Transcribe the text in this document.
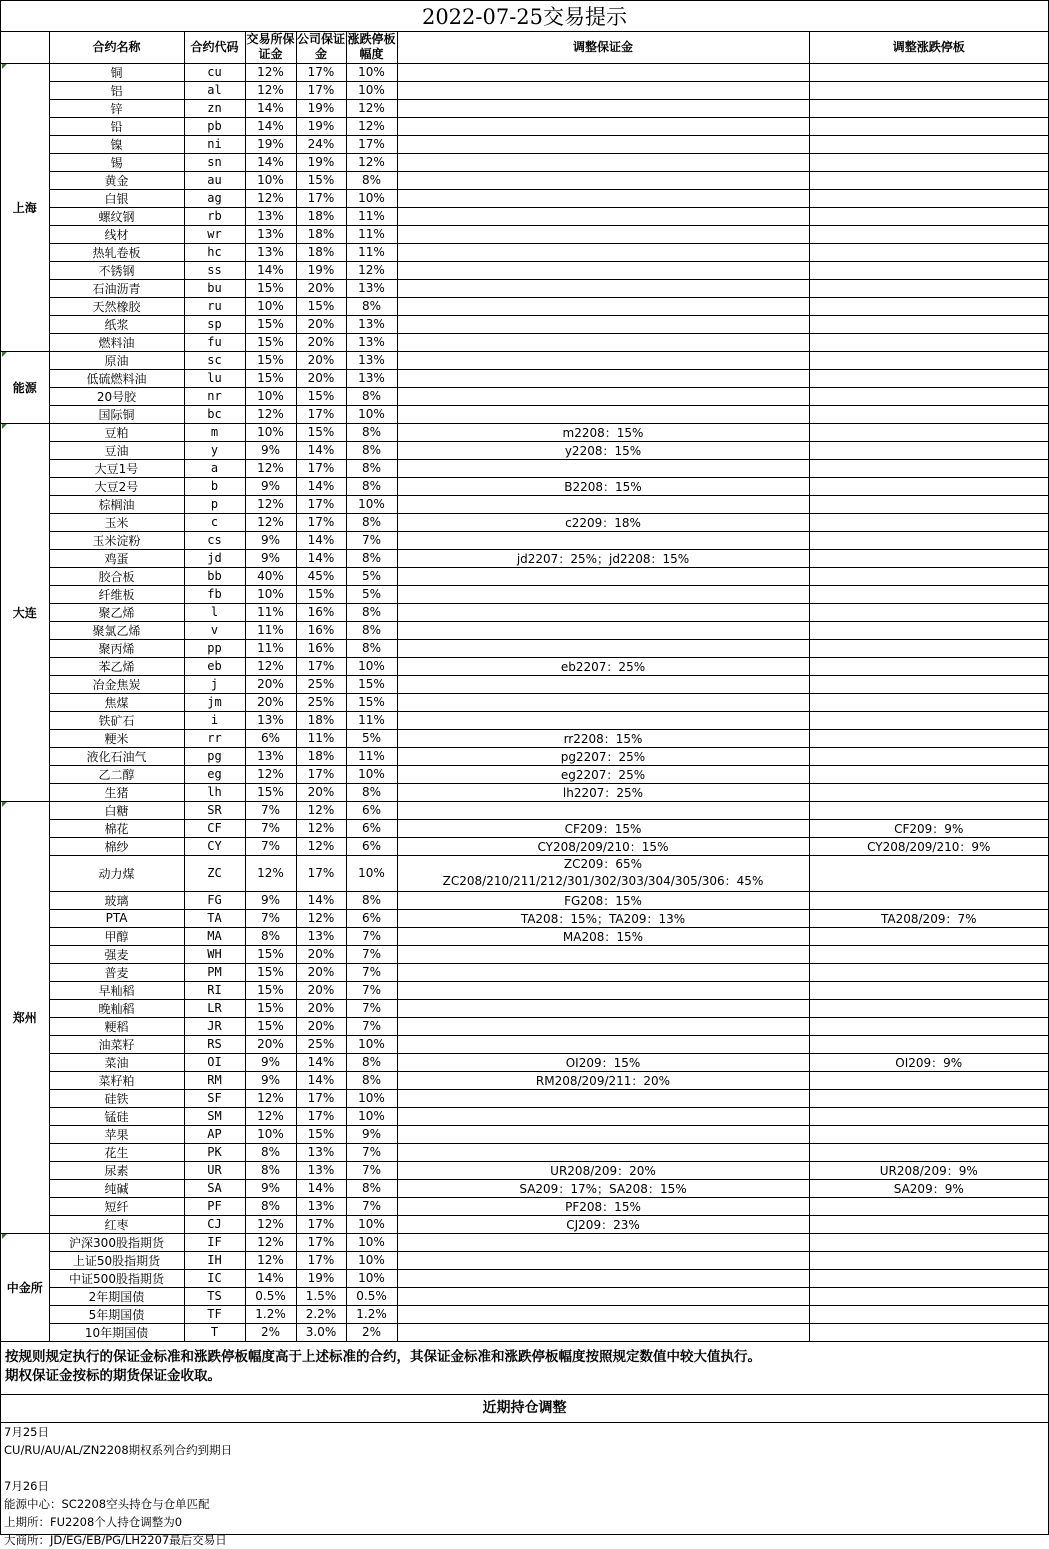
2022-07-25交易提示
	合约名称	合约代码	交易所保证金	公司保证金	涨跌停板幅度	调整保证金	调整涨跌停板
上海	铜	cu	12%	17%	10%		
	铝	al	12%	17%	10%		
	锌	zn	14%	19%	12%		
	铅	pb	14%	19%	12%		
	镍	ni	19%	24%	17%		
	锡	sn	14%	19%	12%		
	黄金	au	10%	15%	8%		
	白银	ag	12%	17%	10%		
	螺纹钢	rb	13%	18%	11%		
	线材	wr	13%	18%	11%		
	热轧卷板	hc	13%	18%	11%		
	不锈钢	ss	14%	19%	12%		
	石油沥青	bu	15%	20%	13%		
	天然橡胶	ru	10%	15%	8%		
	纸浆	sp	15%	20%	13%		
	燃料油	fu	15%	20%	13%		
能源	原油	sc	15%	20%	13%		
	低硫燃料油	lu	15%	20%	13%		
	20号胶	nr	10%	15%	8%		
	国际铜	bc	12%	17%	10%		
大连	豆粕	m	10%	15%	8%	m2208：15%	
	豆油	y	9%	14%	8%	y2208：15%	
	大豆1号	a	12%	17%	8%		
	大豆2号	b	9%	14%	8%	B2208：15%	
	棕榈油	p	12%	17%	10%		
	玉米	c	12%	17%	8%	c2209：18%	
	玉米淀粉	cs	9%	14%	7%		
	鸡蛋	jd	9%	14%	8%	jd2207：25%；jd2208：15%	
	胶合板	bb	40%	45%	5%		
	纤维板	fb	10%	15%	5%		
	聚乙烯	l	11%	16%	8%		
	聚氯乙烯	v	11%	16%	8%		
	聚丙烯	pp	11%	16%	8%		
	苯乙烯	eb	12%	17%	10%	eb2207：25%	
	冶金焦炭	j	20%	25%	15%		
	焦煤	jm	20%	25%	15%		
	铁矿石	i	13%	18%	11%		
	粳米	rr	6%	11%	5%	rr2208：15%	
	液化石油气	pg	13%	18%	11%	pg2207：25%	
	乙二醇	eg	12%	17%	10%	eg2207：25%	
	生猪	lh	15%	20%	8%	lh2207：25%	
郑州	白糖	SR	7%	12%	6%		
	棉花	CF	7%	12%	6%	CF209：15%	CF209：9%
	棉纱	CY	7%	12%	6%	CY208/209/210：15%	CY208/209/210：9%
	动力煤	ZC	12%	17%	10%	ZC209：65%
ZC208/210/211/212/301/302/303/304/305/306：45%	

	玻璃	FG	9%	14%	8%	FG208：15%	
	PTA	TA	7%	12%	6%	TA208：15%；TA209：13%	TA208/209：7%
	甲醇	MA	8%	13%	7%	MA208：15%	
	强麦	WH	15%	20%	7%		
	普麦	PM	15%	20%	7%		
	早籼稻	RI	15%	20%	7%		
	晚籼稻	LR	15%	20%	7%		
	粳稻	JR	15%	20%	7%		
	油菜籽	RS	20%	25%	10%		
	菜油	OI	9%	14%	8%	OI209：15%	OI209：9%
	菜籽粕	RM	9%	14%	8%	RM208/209/211：20%	
	硅铁	SF	12%	17%	10%		
	锰硅	SM	12%	17%	10%		
	苹果	AP	10%	15%	9%		
	花生	PK	8%	13%	7%		
	尿素	UR	8%	13%	7%	UR208/209：20%	UR208/209：9%
	纯碱	SA	9%	14%	8%	SA209：17%；SA208：15%	SA209：9%
	短纤	PF	8%	13%	7%	PF208：15%	
	红枣	CJ	12%	17%	10%	CJ209：23%	
中金所	沪深300股指期货	IF	12%	17%	10%		
	上证50股指期货	IH	12%	17%	10%		
	中证500股指期货	IC	14%	19%	10%		
	2年期国债	TS	0.5%	1.5%	0.5%		
	5年期国债	TF	1.2%	2.2%	1.2%		
	10年期国债	T	2%	3.0%	2%		
按规则规定执行的保证金标准和涨跌停板幅度高于上述标准的合约，其保证金标准和涨跌停板幅度按照规定数值中较大值执行。
期权保证金按标的期货保证金收取。
近期持仓调整
7月25日
CU/RU/AU/AL/ZN2208期权系列合约到期日
7月26日
能源中心：SC2208空头持仓与仓单匹配
上期所：FU2208个人持仓调整为0
大商所：JD/EG/EB/PG/LH2207最后交易日
